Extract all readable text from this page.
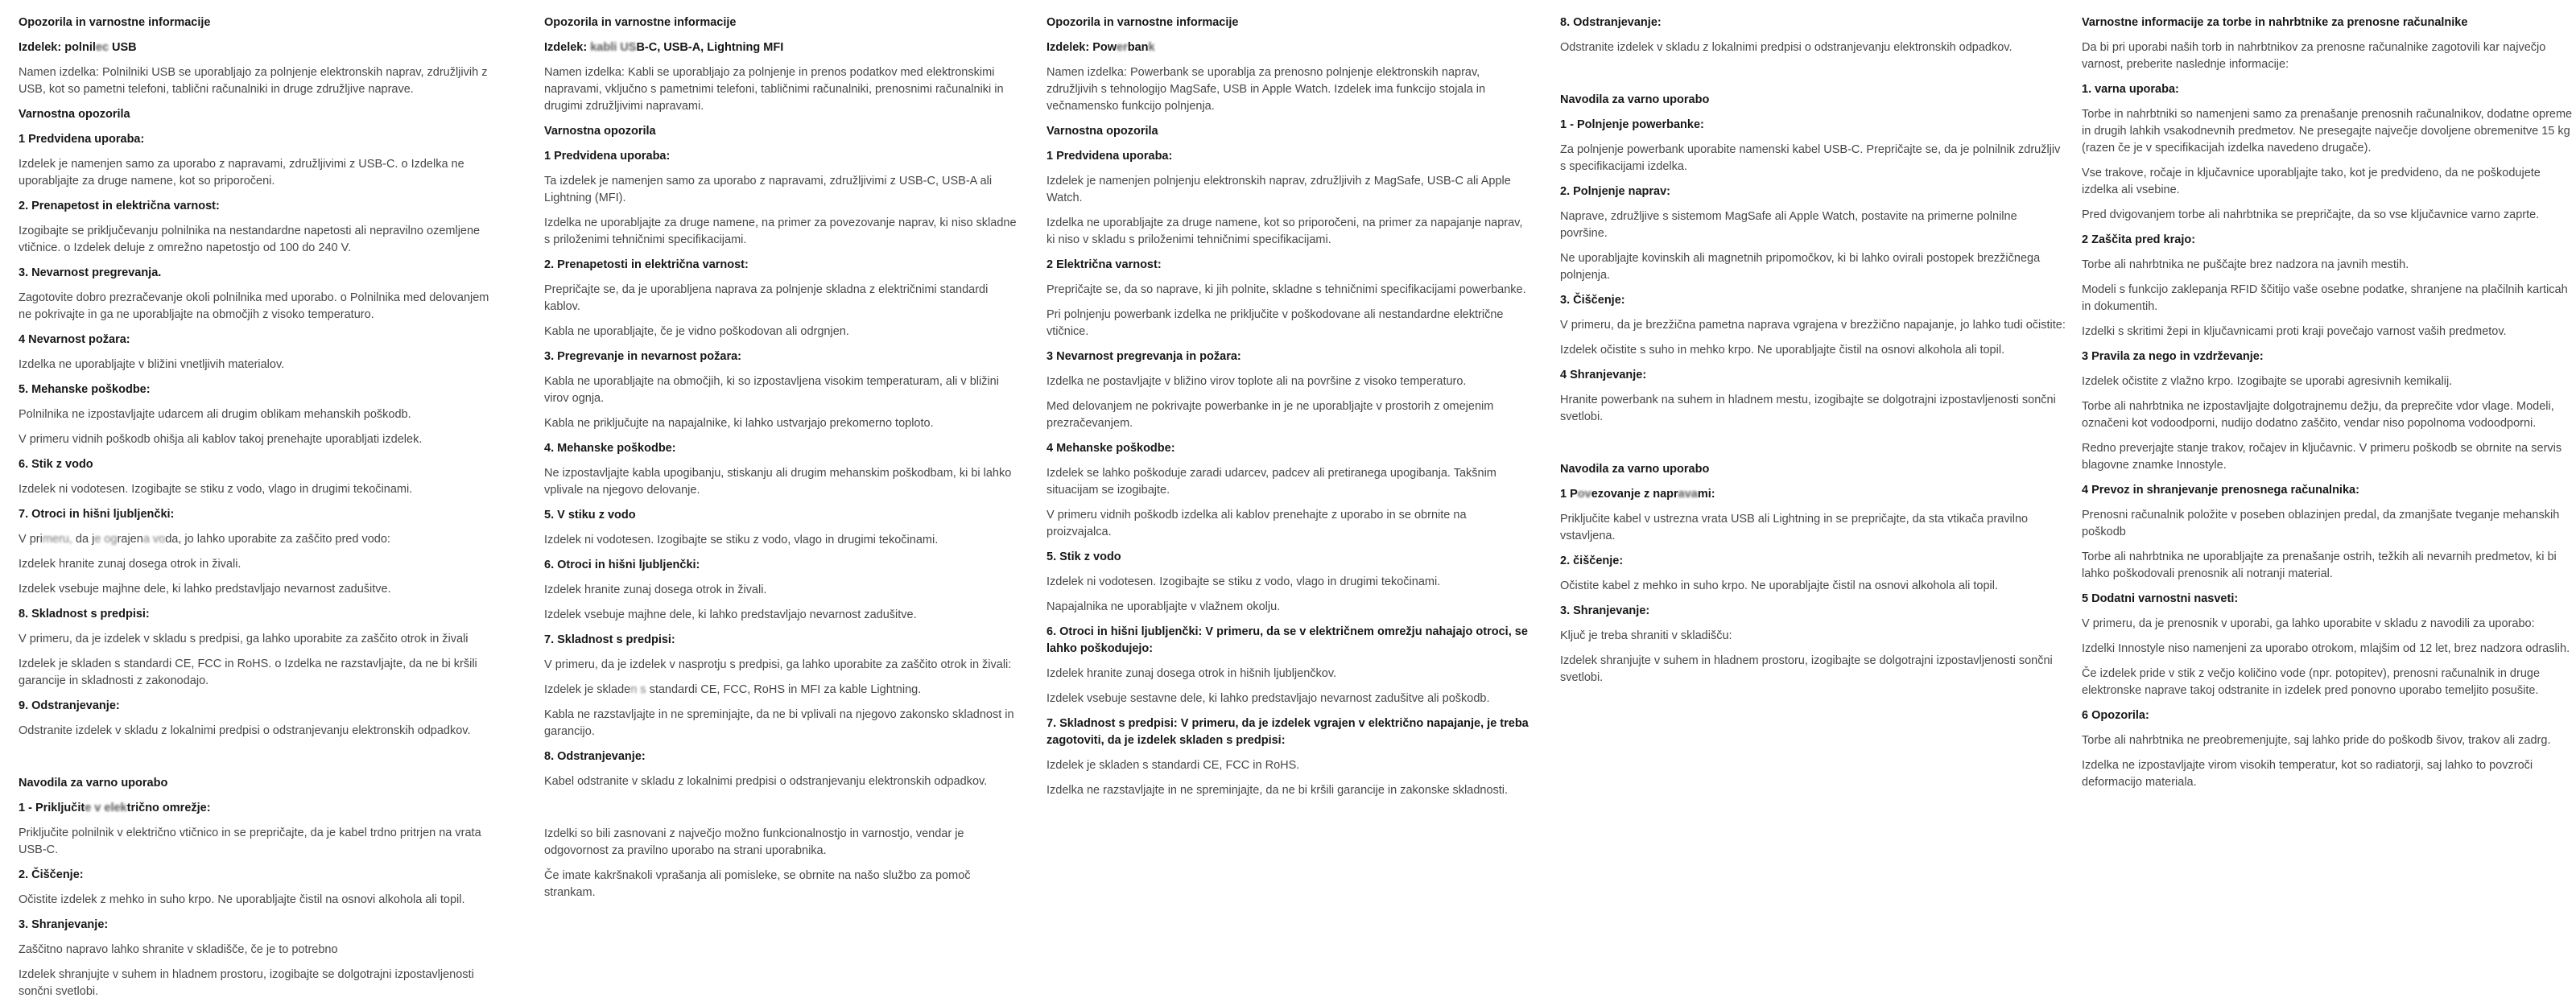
Opozorila in varnostne informacije
Izdelek: polnilec USB
Namen izdelka: Polnilniki USB se uporabljajo za polnjenje elektronskih naprav, združljivih z USB, kot so pametni telefoni, tablični računalniki in druge združljive naprave.
Varnostna opozorila
1 Predvidena uporaba:
Izdelek je namenjen samo za uporabo z napravami, združljivimi z USB-C. o Izdelka ne uporabljajte za druge namene, kot so priporočeni.
2. Prenapetost in električna varnost:
Izogibajte se priključevanju polnilnika na nestandardne napetosti ali nepravilno ozemljene vtičnice. o Izdelek deluje z omrežno napetostjo od 100 do 240 V.
3. Nevarnost pregrevanja.
Zagotovite dobro prezračevanje okoli polnilnika med uporabo. o Polnilnika med delovanjem ne pokrivajte in ga ne uporabljajte na območjih z visoko temperaturo.
4 Nevarnost požara:
Izdelka ne uporabljajte v bližini vnetljivih materialov.
5. Mehanske poškodbe:
Polnilnika ne izpostavljajte udarcem ali drugim oblikam mehanskih poškodb.
V primeru vidnih poškodb ohišja ali kablov takoj prenehajte uporabljati izdelek.
6. Stik z vodo
Izdelek ni vodotesen. Izogibajte se stiku z vodo, vlago in drugimi tekočinami.
7. Otroci in hišni ljubljenčki:
V primeru, da je ograjena voda, jo lahko uporabite za zaščito pred vodo:
Izdelek hranite zunaj dosega otrok in živali.
Izdelek vsebuje majhne dele, ki lahko predstavljajo nevarnost zadušitve.
8. Skladnost s predpisi:
V primeru, da je izdelek v skladu s predpisi, ga lahko uporabite za zaščito otrok in živali
Izdelek je skladen s standardi CE, FCC in RoHS. o Izdelka ne razstavljajte, da ne bi kršili garancije in skladnosti z zakonodajo.
9. Odstranjevanje:
Odstranite izdelek v skladu z lokalnimi predpisi o odstranjevanju elektronskih odpadkov.
Navodila za varno uporabo
1 - Priključite v električno omrežje:
Priključite polnilnik v električno vtičnico in se prepričajte, da je kabel trdno pritrjen na vrata USB-C.
2. Čiščenje:
Očistite izdelek z mehko in suho krpo. Ne uporabljajte čistil na osnovi alkohola ali topil.
3. Shranjevanje:
Zaščitno napravo lahko shranite v skladišče, če je to potrebno
Izdelek shranjujte v suhem in hladnem prostoru, izogibajte se dolgotrajni izpostavljenosti sončni svetlobi.
Opozorila in varnostne informacije
Izdelek: kabli USB-C, USB-A, Lightning MFI
Namen izdelka: Kabli se uporabljajo za polnjenje in prenos podatkov med elektronskimi napravami, vključno s pametnimi telefoni, tabličnimi računalniki, prenosnimi računalniki in drugimi združljivimi napravami.
Varnostna opozorila
1 Predvidena uporaba:
Ta izdelek je namenjen samo za uporabo z napravami, združljivimi z USB-C, USB-A ali Lightning (MFI).
Izdelka ne uporabljajte za druge namene, na primer za povezovanje naprav, ki niso skladne s priloženimi tehničnimi specifikacijami.
2. Prenapetosti in električna varnost:
Prepričajte se, da je uporabljena naprava za polnjenje skladna z električnimi standardi kablov.
Kabla ne uporabljajte, če je vidno poškodovan ali odrgnjen.
3. Pregrevanje in nevarnost požara:
Kabla ne uporabljajte na območjih, ki so izpostavljena visokim temperaturam, ali v bližini virov ognja.
Kabla ne priključujte na napajalnike, ki lahko ustvarjajo prekomerno toploto.
4. Mehanske poškodbe:
Ne izpostavljajte kabla upogibanju, stiskanju ali drugim mehanskim poškodbam, ki bi lahko vplivale na njegovo delovanje.
5. V stiku z vodo
Izdelek ni vodotesen. Izogibajte se stiku z vodo, vlago in drugimi tekočinami.
6. Otroci in hišni ljubljenčki:
Izdelek hranite zunaj dosega otrok in živali.
Izdelek vsebuje majhne dele, ki lahko predstavljajo nevarnost zadušitve.
7. Skladnost s predpisi:
V primeru, da je izdelek v nasprotju s predpisi, ga lahko uporabite za zaščito otrok in živali:
Izdelek je skladen s standardi CE, FCC, RoHS in MFI za kable Lightning.
Kabla ne razstavljajte in ne spreminjajte, da ne bi vplivali na njegovo zakonsko skladnost in garancijo.
8. Odstranjevanje:
Kabel odstranite v skladu z lokalnimi predpisi o odstranjevanju elektronskih odpadkov.
Izdelki so bili zasnovani z največjo možno funkcionalnostjo in varnostjo, vendar je odgovornost za pravilno uporabo na strani uporabnika.
Če imate kakršnakoli vprašanja ali pomisleke, se obrnite na našo službo za pomoč strankam.
Opozorila in varnostne informacije
Izdelek: Powerbank
Namen izdelka: Powerbank se uporablja za prenosno polnjenje elektronskih naprav, združljivih s tehnologijo MagSafe, USB in Apple Watch. Izdelek ima funkcijo stojala in večnamensko funkcijo polnjenja.
Varnostna opozorila
1 Predvidena uporaba:
Izdelek je namenjen polnjenju elektronskih naprav, združljivih z MagSafe, USB-C ali Apple Watch.
Izdelka ne uporabljajte za druge namene, kot so priporočeni, na primer za napajanje naprav, ki niso v skladu s priloženimi tehničnimi specifikacijami.
2 Električna varnost:
Prepričajte se, da so naprave, ki jih polnite, skladne s tehničnimi specifikacijami powerbanke.
Pri polnjenju powerbank izdelka ne priključite v poškodovane ali nestandardne električne vtičnice.
3 Nevarnost pregrevanja in požara:
Izdelka ne postavljajte v bližino virov toplote ali na površine z visoko temperaturo.
Med delovanjem ne pokrivajte powerbanke in je ne uporabljajte v prostorih z omejenim prezračevanjem.
4 Mehanske poškodbe:
Izdelek se lahko poškoduje zaradi udarcev, padcev ali pretiranega upogibanja. Takšnim situacijam se izogibajte.
V primeru vidnih poškodb izdelka ali kablov prenehajte z uporabo in se obrnite na proizvajalca.
5. Stik z vodo
Izdelek ni vodotesen. Izogibajte se stiku z vodo, vlago in drugimi tekočinami.
Napajalnika ne uporabljajte v vlažnem okolju.
6. Otroci in hišni ljubljenčki: V primeru, da se v električnem omrežju nahajajo otroci, se lahko poškodujejo:
Izdelek hranite zunaj dosega otrok in hišnih ljubljenčkov.
Izdelek vsebuje sestavne dele, ki lahko predstavljajo nevarnost zadušitve ali poškodb.
7. Skladnost s predpisi: V primeru, da je izdelek vgrajen v električno napajanje, je treba zagotoviti, da je izdelek skladen s predpisi:
Izdelek je skladen s standardi CE, FCC in RoHS.
Izdelka ne razstavljajte in ne spreminjajte, da ne bi kršili garancije in zakonske skladnosti.
8. Odstranjevanje:
Odstranite izdelek v skladu z lokalnimi predpisi o odstranjevanju elektronskih odpadkov.
Navodila za varno uporabo
1 - Polnjenje powerbanke:
Za polnjenje powerbank uporabite namenski kabel USB-C. Prepričajte se, da je polnilnik združljiv s specifikacijami izdelka.
2. Polnjenje naprav:
Naprave, združljive s sistemom MagSafe ali Apple Watch, postavite na primerne polnilne površine.
Ne uporabljajte kovinskih ali magnetnih pripomočkov, ki bi lahko ovirali postopek brezžičnega polnjenja.
3. Čiščenje:
V primeru, da je brezžična pametna naprava vgrajena v brezžično napajanje, jo lahko tudi očistite:
Izdelek očistite s suho in mehko krpo. Ne uporabljajte čistil na osnovi alkohola ali topil.
4 Shranjevanje:
Hranite powerbank na suhem in hladnem mestu, izogibajte se dolgotrajni izpostavljenosti sončni svetlobi.
Navodila za varno uporabo
1 Povezovanje z napravami:
Priključite kabel v ustrezna vrata USB ali Lightning in se prepričajte, da sta vtikača pravilno vstavljena.
2. čiščenje:
Očistite kabel z mehko in suho krpo. Ne uporabljajte čistil na osnovi alkohola ali topil.
3. Shranjevanje:
Ključ je treba shraniti v skladišču:
Izdelek shranjujte v suhem in hladnem prostoru, izogibajte se dolgotrajni izpostavljenosti sončni svetlobi.
Varnostne informacije za torbe in nahrbtnike za prenosne računalnike
Da bi pri uporabi naših torb in nahrbtnikov za prenosne računalnike zagotovili kar največjo varnost, preberite naslednje informacije:
1. varna uporaba:
Torbe in nahrbtniki so namenjeni samo za prenašanje prenosnih računalnikov, dodatne opreme in drugih lahkih vsakodnevnih predmetov. Ne presegajte največje dovoljene obremenitve 15 kg (razen če je v specifikacijah izdelka navedeno drugače).
Vse trakove, ročaje in ključavnice uporabljajte tako, kot je predvideno, da ne poškodujete izdelka ali vsebine.
Pred dvigovanjem torbe ali nahrbtnika se prepričajte, da so vse ključavnice varno zaprte.
2 Zaščita pred krajo:
Torbe ali nahrbtnika ne puščajte brez nadzora na javnih mestih.
Modeli s funkcijo zaklepanja RFID ščitijo vaše osebne podatke, shranjene na plačilnih karticah in dokumentih.
Izdelki s skritimi žepi in ključavnicami proti kraji povečajo varnost vaših predmetov.
3 Pravila za nego in vzdrževanje:
Izdelek očistite z vlažno krpo. Izogibajte se uporabi agresivnih kemikalij.
Torbe ali nahrbtnika ne izpostavljajte dolgotrajnemu dežju, da preprečite vdor vlage. Modeli, označeni kot vodoodporni, nudijo dodatno zaščito, vendar niso popolnoma vodoodporni.
Redno preverjajte stanje trakov, ročajev in ključavnic. V primeru poškodb se obrnite na servis blagovne znamke Innostyle.
4 Prevoz in shranjevanje prenosnega računalnika:
Prenosni računalnik položite v poseben oblazinjen predal, da zmanjšate tveganje mehanskih poškodb
Torbe ali nahrbtnika ne uporabljajte za prenašanje ostrih, težkih ali nevarnih predmetov, ki bi lahko poškodovali prenosnik ali notranji material.
5 Dodatni varnostni nasveti:
V primeru, da je prenosnik v uporabi, ga lahko uporabite v skladu z navodili za uporabo:
Izdelki Innostyle niso namenjeni za uporabo otrokom, mlajšim od 12 let, brez nadzora odraslih.
Če izdelek pride v stik z večjo količino vode (npr. potopitev), prenosni računalnik in druge elektronske naprave takoj odstranite in izdelek pred ponovno uporabo temeljito posušite.
6 Opozorila:
Torbe ali nahrbtnika ne preobremenjujte, saj lahko pride do poškodb šivov, trakov ali zadrg.
Izdelka ne izpostavljajte virom visokih temperatur, kot so radiatorji, saj lahko to povzroči deformacijo materiala.
